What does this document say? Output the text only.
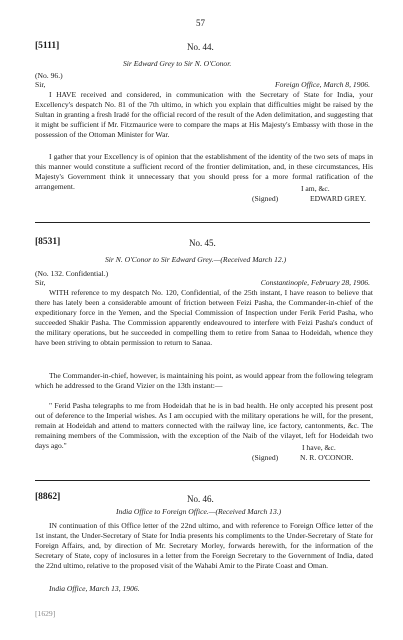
57
[5111]	No. 44.
Sir Edward Grey to Sir N. O'Conor.
(No. 96.)
Sir,	Foreign Office, March 8, 1906.

I HAVE received and considered, in communication with the Secretary of State for India, your Excellency's despatch No. 81 of the 7th ultimo, in which you explain that difficulties might be raised by the Sultan in granting a fresh Iradé for the official record of the result of the Aden delimitation, and suggesting that it might be sufficient if Mr. Fitzmaurice were to compare the maps at His Majesty's Embassy with those in the possession of the Ottoman Minister for War.

I gather that your Excellency is of opinion that the establishment of the identity of the two sets of maps in this manner would constitute a sufficient record of the frontier delimitation, and, in these circumstances, His Majesty's Government think it unnecessary that you should press for a more formal ratification of the arrangement.	I am, &c.
(Signed)	EDWARD GREY.
[8531]	No. 45.
Sir N. O'Conor to Sir Edward Grey.—(Received March 12.)
(No. 132. Confidential.)
Sir,	Constantinople, February 28, 1906.

WITH reference to my despatch No. 120, Confidential, of the 25th instant, I have reason to believe that there has lately been a considerable amount of friction between Feizi Pasha, the Commander-in-chief of the expeditionary force in the Yemen, and the Special Commission of Inspection under Ferik Ferid Pasha, who succeeded Shakir Pasha. The Commission apparently endeavoured to interfere with Feizi Pasha's conduct of the military operations, but he succeeded in compelling them to retire from Sanaa to Hodeidah, whence they have been striving to obtain permission to return to Sanaa.

The Commander-in-chief, however, is maintaining his point, as would appear from the following telegram which he addressed to the Grand Vizier on the 13th instant:—

" Ferid Pasha telegraphs to me from Hodeidah that he is in bad health. He only accepted his present post out of deference to the Imperial wishes. As I am occupied with the military operations he will, for the present, remain at Hodeidah and attend to matters connected with the railway line, ice factory, cantonments, &c. The remaining members of the Commission, with the exception of the Naib of the vilayet, left for Hodeidah two days ago."	I have, &c.
(Signed)	N. R. O'CONOR.
[8862]	No. 46.
India Office to Foreign Office.—(Received March 13.)

IN continuation of this Office letter of the 22nd ultimo, and with reference to Foreign Office letter of the 1st instant, the Under-Secretary of State for India presents his compliments to the Under-Secretary of State for Foreign Affairs, and, by direction of Mr. Secretary Morley, forwards herewith, for the information of the Secretary of State, copy of inclosures in a letter from the Foreign Secretary to the Government of India, dated the 22nd ultimo, relative to the proposed visit of the Wahabi Amir to the Pirate Coast and Oman.

India Office, March 13, 1906.
[1629]
